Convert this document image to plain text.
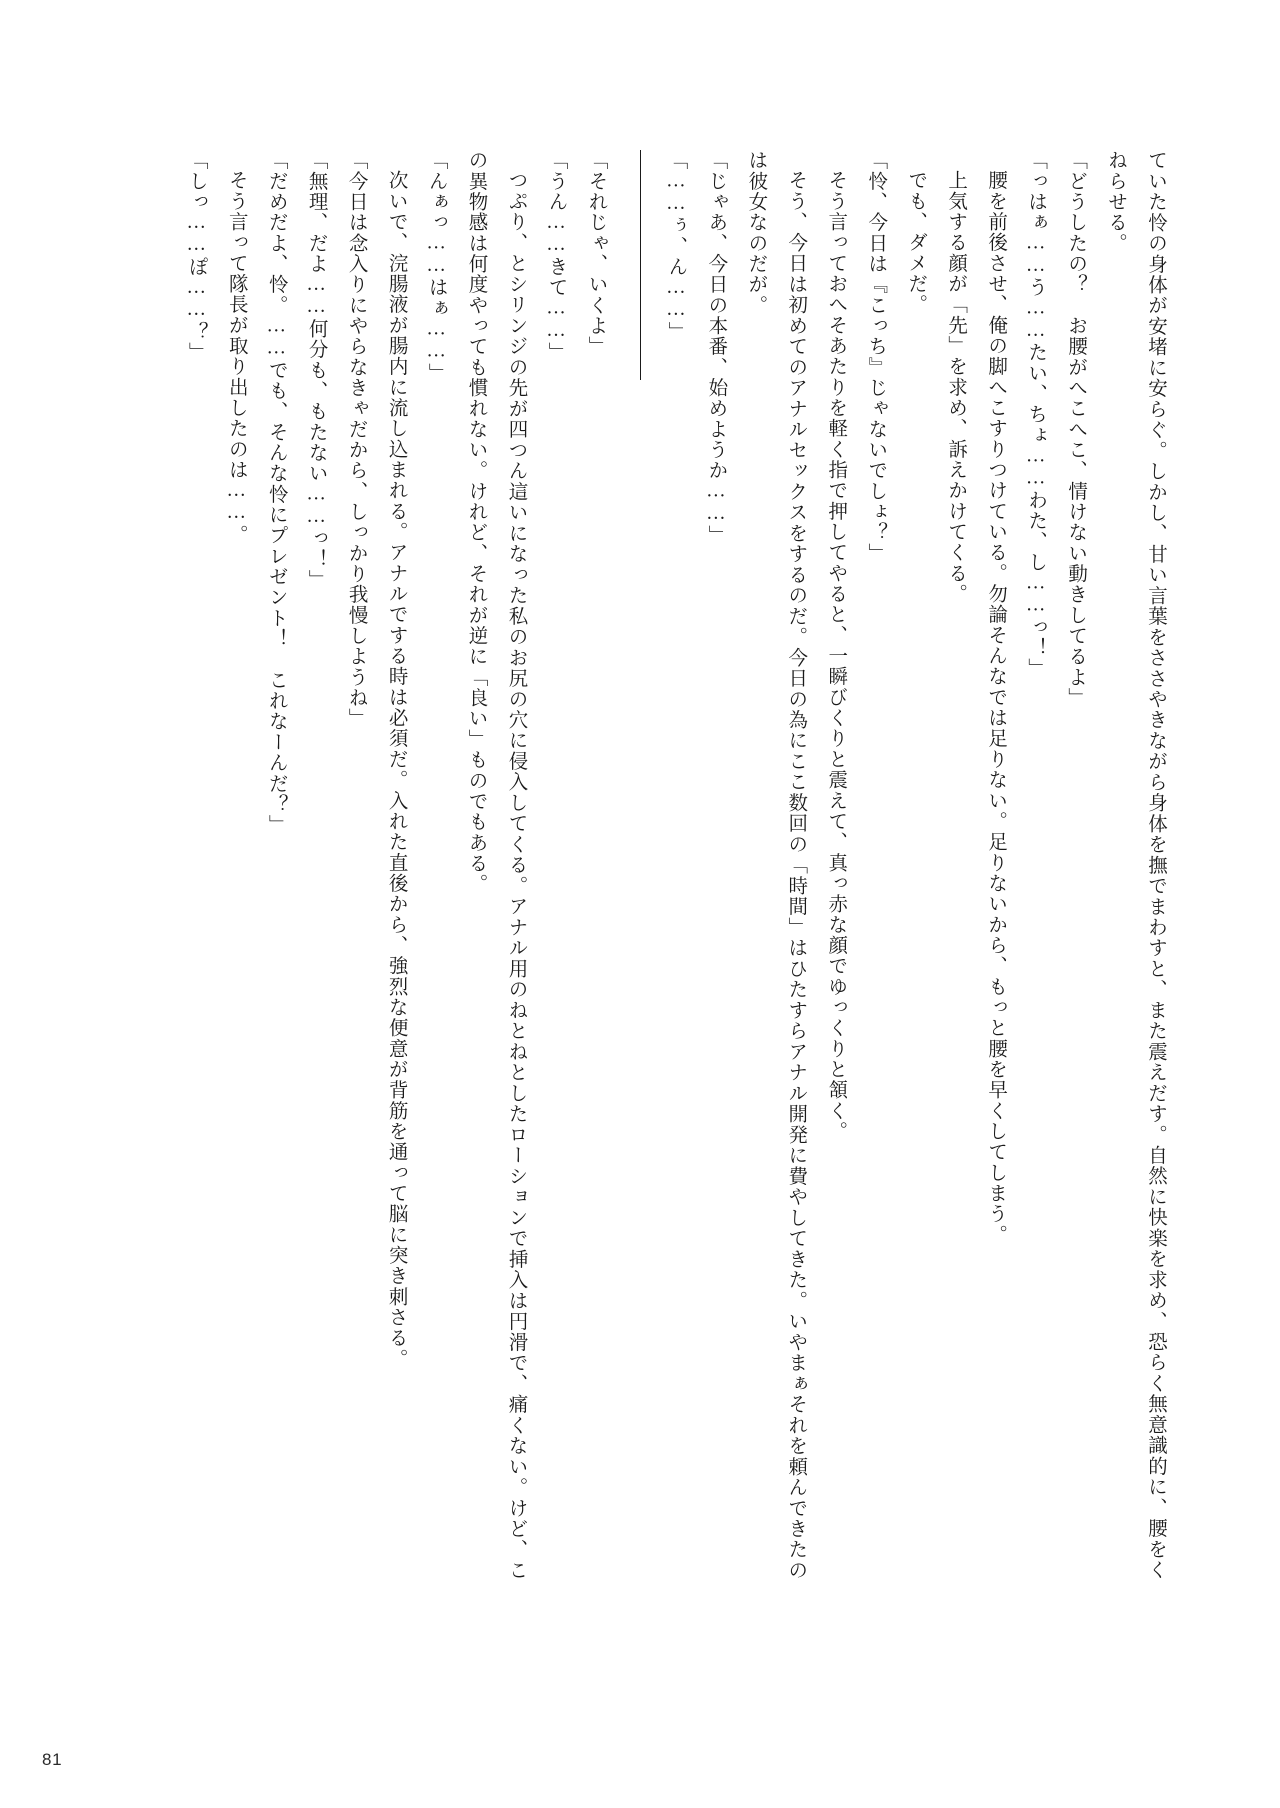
ていた怜の身体が安堵に安らぐ。しかし、甘い言葉をささやきながら身体を撫でまわすと、また震えだす。自然に快楽を求め、恐らく無意識的に、腰をくねらせる。

「どうしたの？　お腰がへこへこ、情けない動きしてるよ」

「っはぁ……う……たい、ちょ……わた、し……っ！」

腰を前後させ、俺の脚へこすりつけている。勿論そんなでは足りない。足りないから、もっと腰を早くしてしまう。

上気する顔が「先」を求め、訴えかけてくる。

でも、ダメだ。

「怜、今日は『こっち』じゃないでしょ？」

そう言っておへそあたりを軽く指で押してやると、一瞬びくりと震えて、真っ赤な顔でゆっくりと頷く。

そう、今日は初めてのアナルセックスをするのだ。今日の為にここ数回の「時間」はひたすらアナル開発に費やしてきた。いやまぁそれを頼んできたのは彼女なのだが。

「じゃあ、今日の本番、始めようか……」

「……ぅ、ん……」

「それじゃ、いくよ」

「うん……きて……」

つぷり、とシリンジの先が四つん這いになった私のお尻の穴に侵入してくる。アナル用のねとねとしたローションで挿入は円滑で、痛くない。けど、この異物感は何度やっても慣れない。けれど、それが逆に「良い」ものでもある。

「んぁっ……はぁ……」

次いで、浣腸液が腸内に流し込まれる。アナルでする時は必須だ。入れた直後から、強烈な便意が背筋を通って脳に突き刺さる。

「今日は念入りにやらなきゃだから、しっかり我慢しようね」

「無理、だよ……何分も、もたない……っ！」

「だめだよ、怜。……でも、そんな怜にプレゼント！　これなーんだ？」

そう言って隊長が取り出したのは……。

「しっ……ぽ……？」

81
